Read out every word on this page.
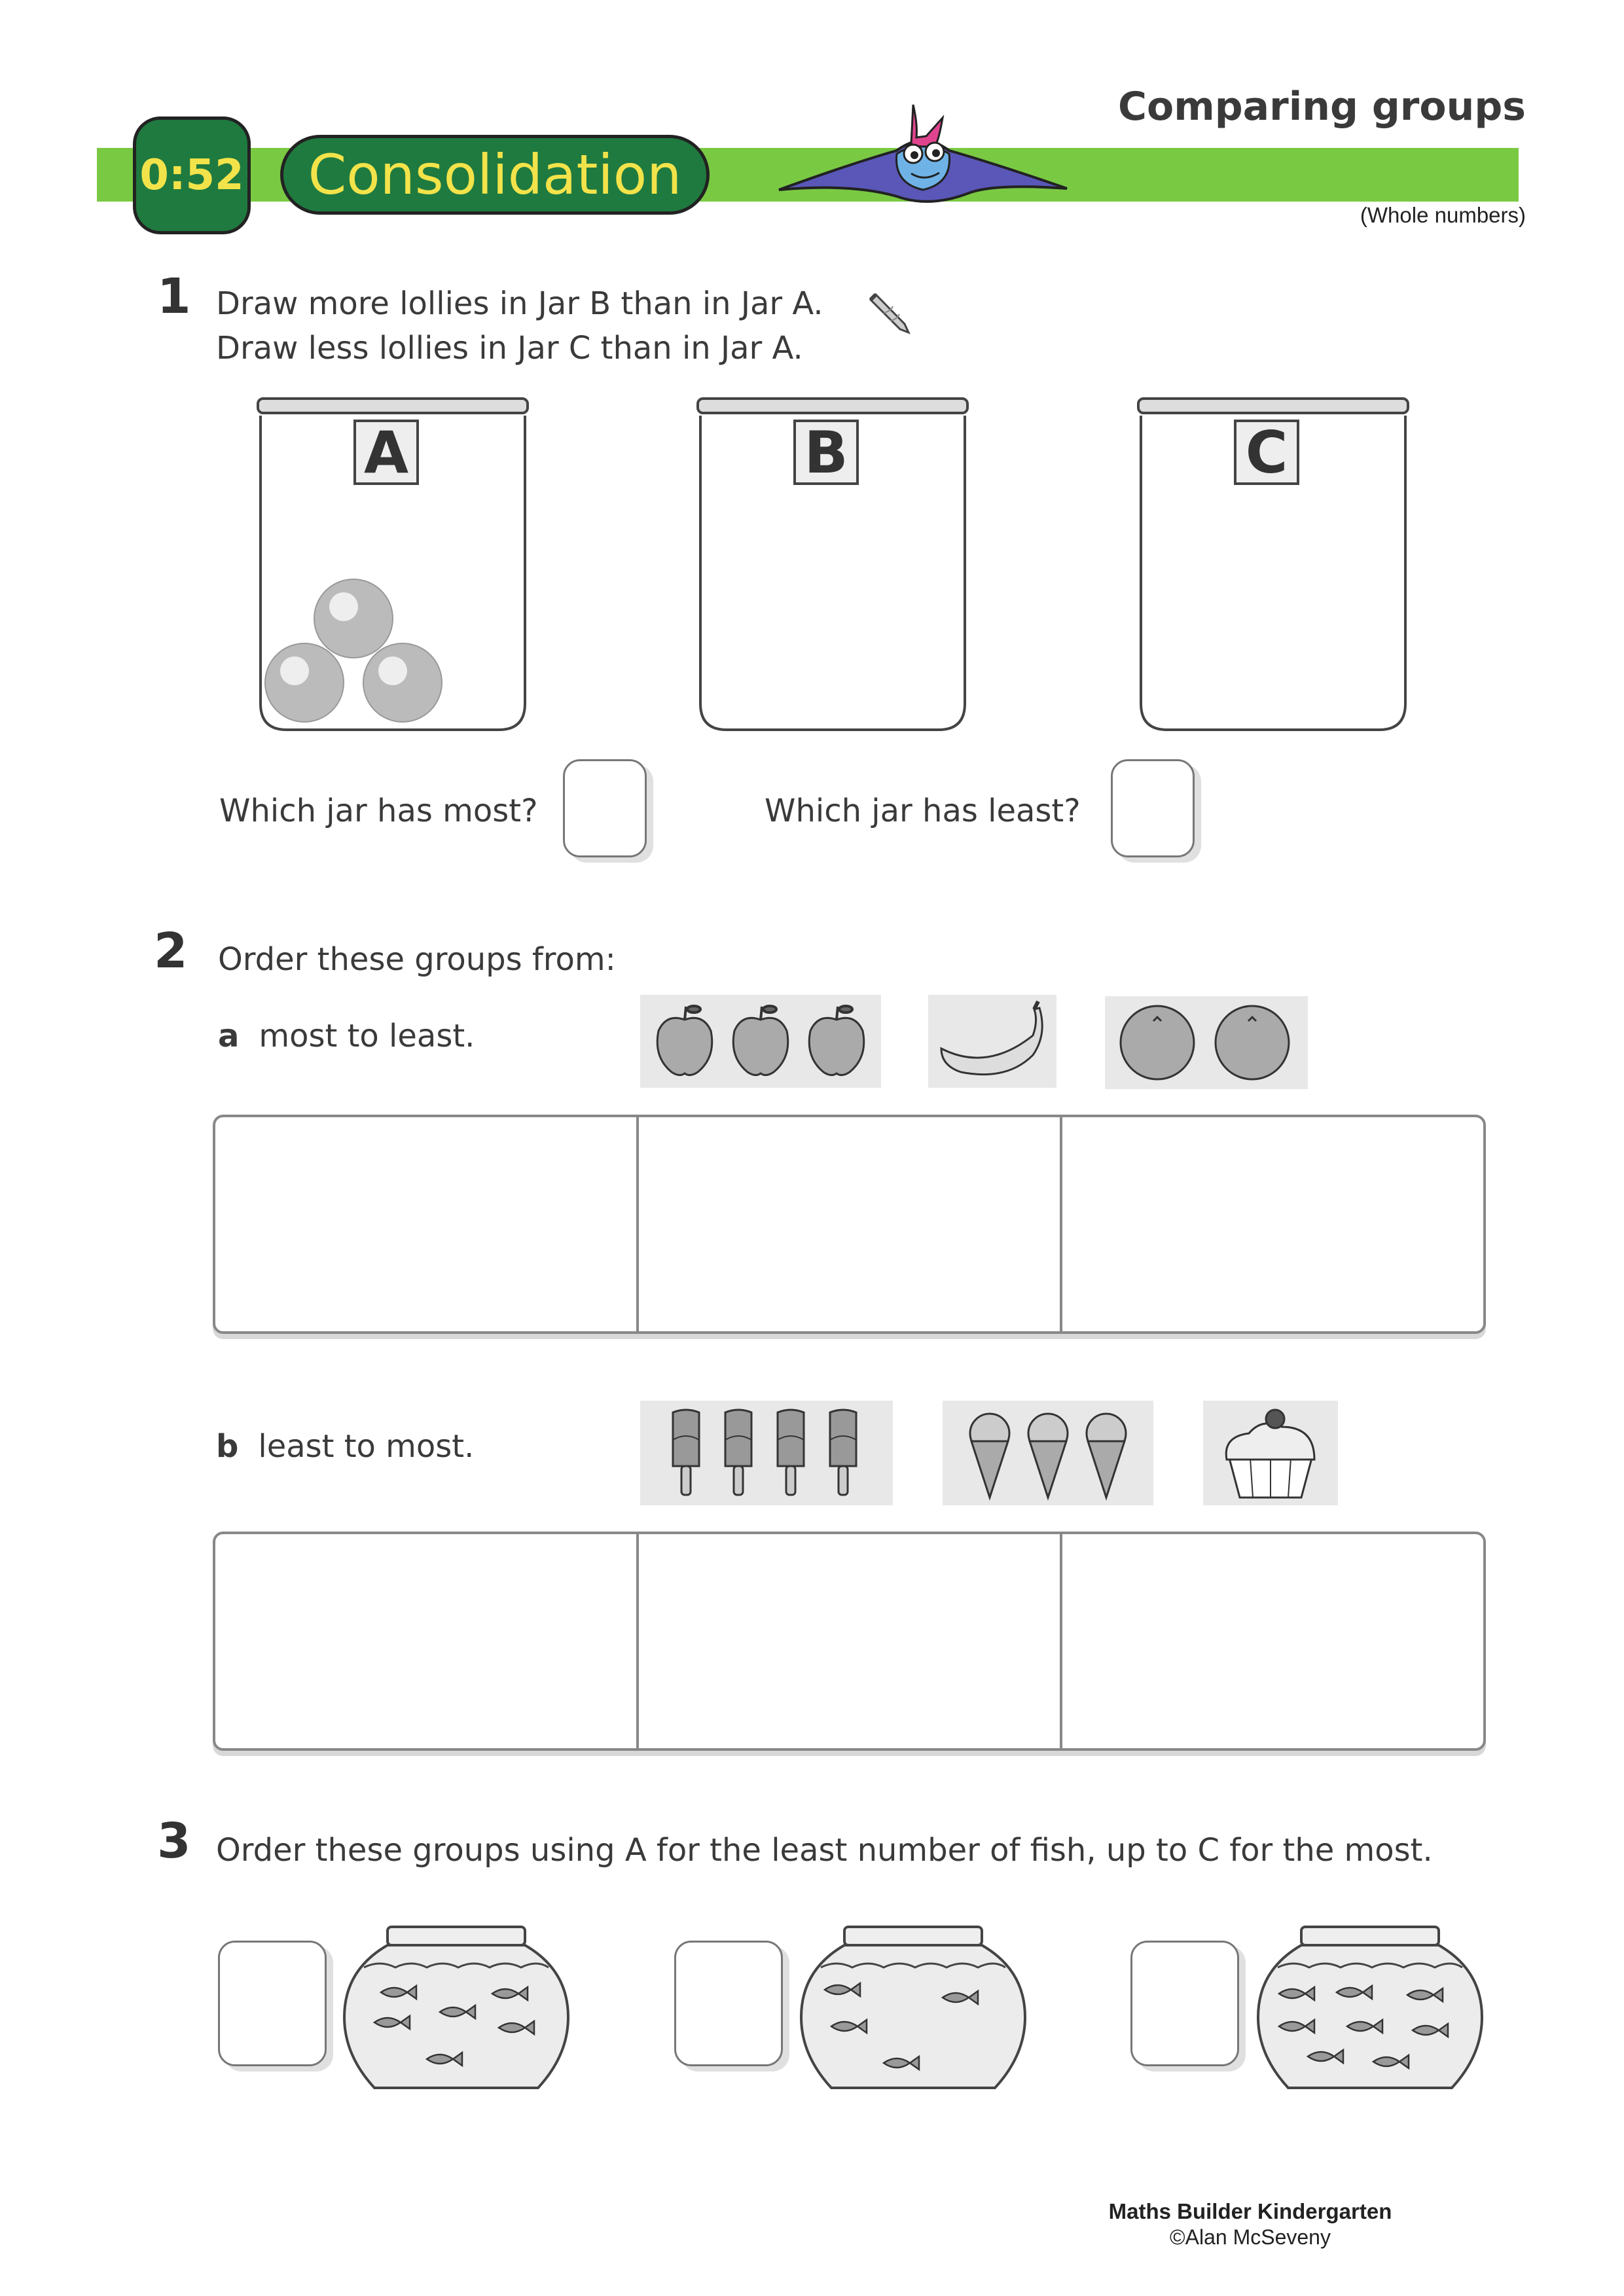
Comparing groups
(Whole numbers)
0:52	Consolidation
1 Draw more lollies in Jar B than in Jar A.
Draw less lollies in Jar C than in Jar A.
A	B	C
Which jar has most?	Which jar has least?
2 Order these groups from:
a most to least.
b least to most.
3 Order these groups using A for the least number of fish, up to C for the most.
Maths Builder Kindergarten
©Alan McSeveny
